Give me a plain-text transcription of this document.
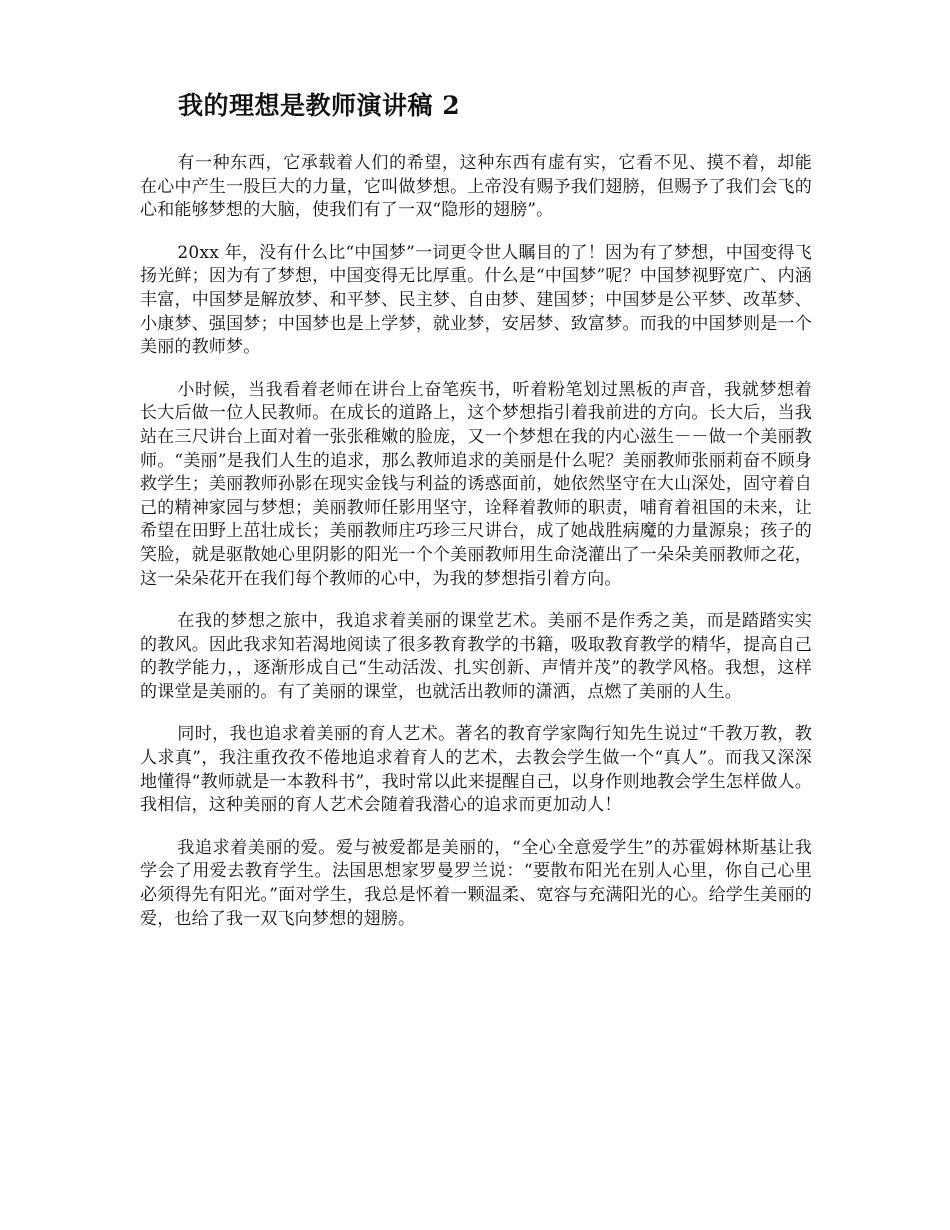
我的理想是教师演讲稿 2

有一种东西，它承载着人们的希望，这种东西有虚有实，它看不见、摸不着，却能在心中产生一股巨大的力量，它叫做梦想。上帝没有赐予我们翅膀，但赐予了我们会飞的心和能够梦想的大脑，使我们有了一双“隐形的翅膀”。

20xx 年，没有什么比“中国梦”一词更令世人瞩目的了！因为有了梦想，中国变得飞扬光鲜；因为有了梦想，中国变得无比厚重。什么是“中国梦”呢？中国梦视野宽广、内涵丰富，中国梦是解放梦、和平梦、民主梦、自由梦、建国梦；中国梦是公平梦、改革梦、小康梦、强国梦；中国梦也是上学梦，就业梦，安居梦、致富梦。而我的中国梦则是一个美丽的教师梦。

小时候，当我看着老师在讲台上奋笔疾书，听着粉笔划过黑板的声音，我就梦想着长大后做一位人民教师。在成长的道路上，这个梦想指引着我前进的方向。长大后，当我站在三尺讲台上面对着一张张稚嫩的脸庞，又一个梦想在我的内心滋生－－做一个美丽教师。“美丽”是我们人生的追求，那么教师追求的美丽是什么呢？美丽教师张丽莉奋不顾身救学生；美丽教师孙影在现实金钱与利益的诱惑面前，她依然坚守在大山深处，固守着自己的精神家园与梦想；美丽教师任影用坚守，诠释着教师的职责，哺育着祖国的未来，让希望在田野上茁壮成长；美丽教师庄巧珍三尺讲台，成了她战胜病魔的力量源泉；孩子的笑脸，就是驱散她心里阴影的阳光一个个美丽教师用生命浇灌出了一朵朵美丽教师之花，这一朵朵花开在我们每个教师的心中，为我的梦想指引着方向。

在我的梦想之旅中，我追求着美丽的课堂艺术。美丽不是作秀之美，而是踏踏实实的教风。因此我求知若渴地阅读了很多教育教学的书籍，吸取教育教学的精华，提高自己的教学能力，，逐渐形成自己“生动活泼、扎实创新、声情并茂”的教学风格。我想，这样的课堂是美丽的。有了美丽的课堂，也就活出教师的潇洒，点燃了美丽的人生。

同时，我也追求着美丽的育人艺术。著名的教育学家陶行知先生说过“千教万教，教人求真”，我注重孜孜不倦地追求着育人的艺术，去教会学生做一个“真人”。而我又深深地懂得“教师就是一本教科书”，我时常以此来提醒自己，以身作则地教会学生怎样做人。我相信，这种美丽的育人艺术会随着我潜心的追求而更加动人！

我追求着美丽的爱。爱与被爱都是美丽的，“全心全意爱学生”的苏霍姆林斯基让我学会了用爱去教育学生。法国思想家罗曼罗兰说：“要散布阳光在别人心里，你自己心里必须得先有阳光。”面对学生，我总是怀着一颗温柔、宽容与充满阳光的心。给学生美丽的爱，也给了我一双飞向梦想的翅膀。
